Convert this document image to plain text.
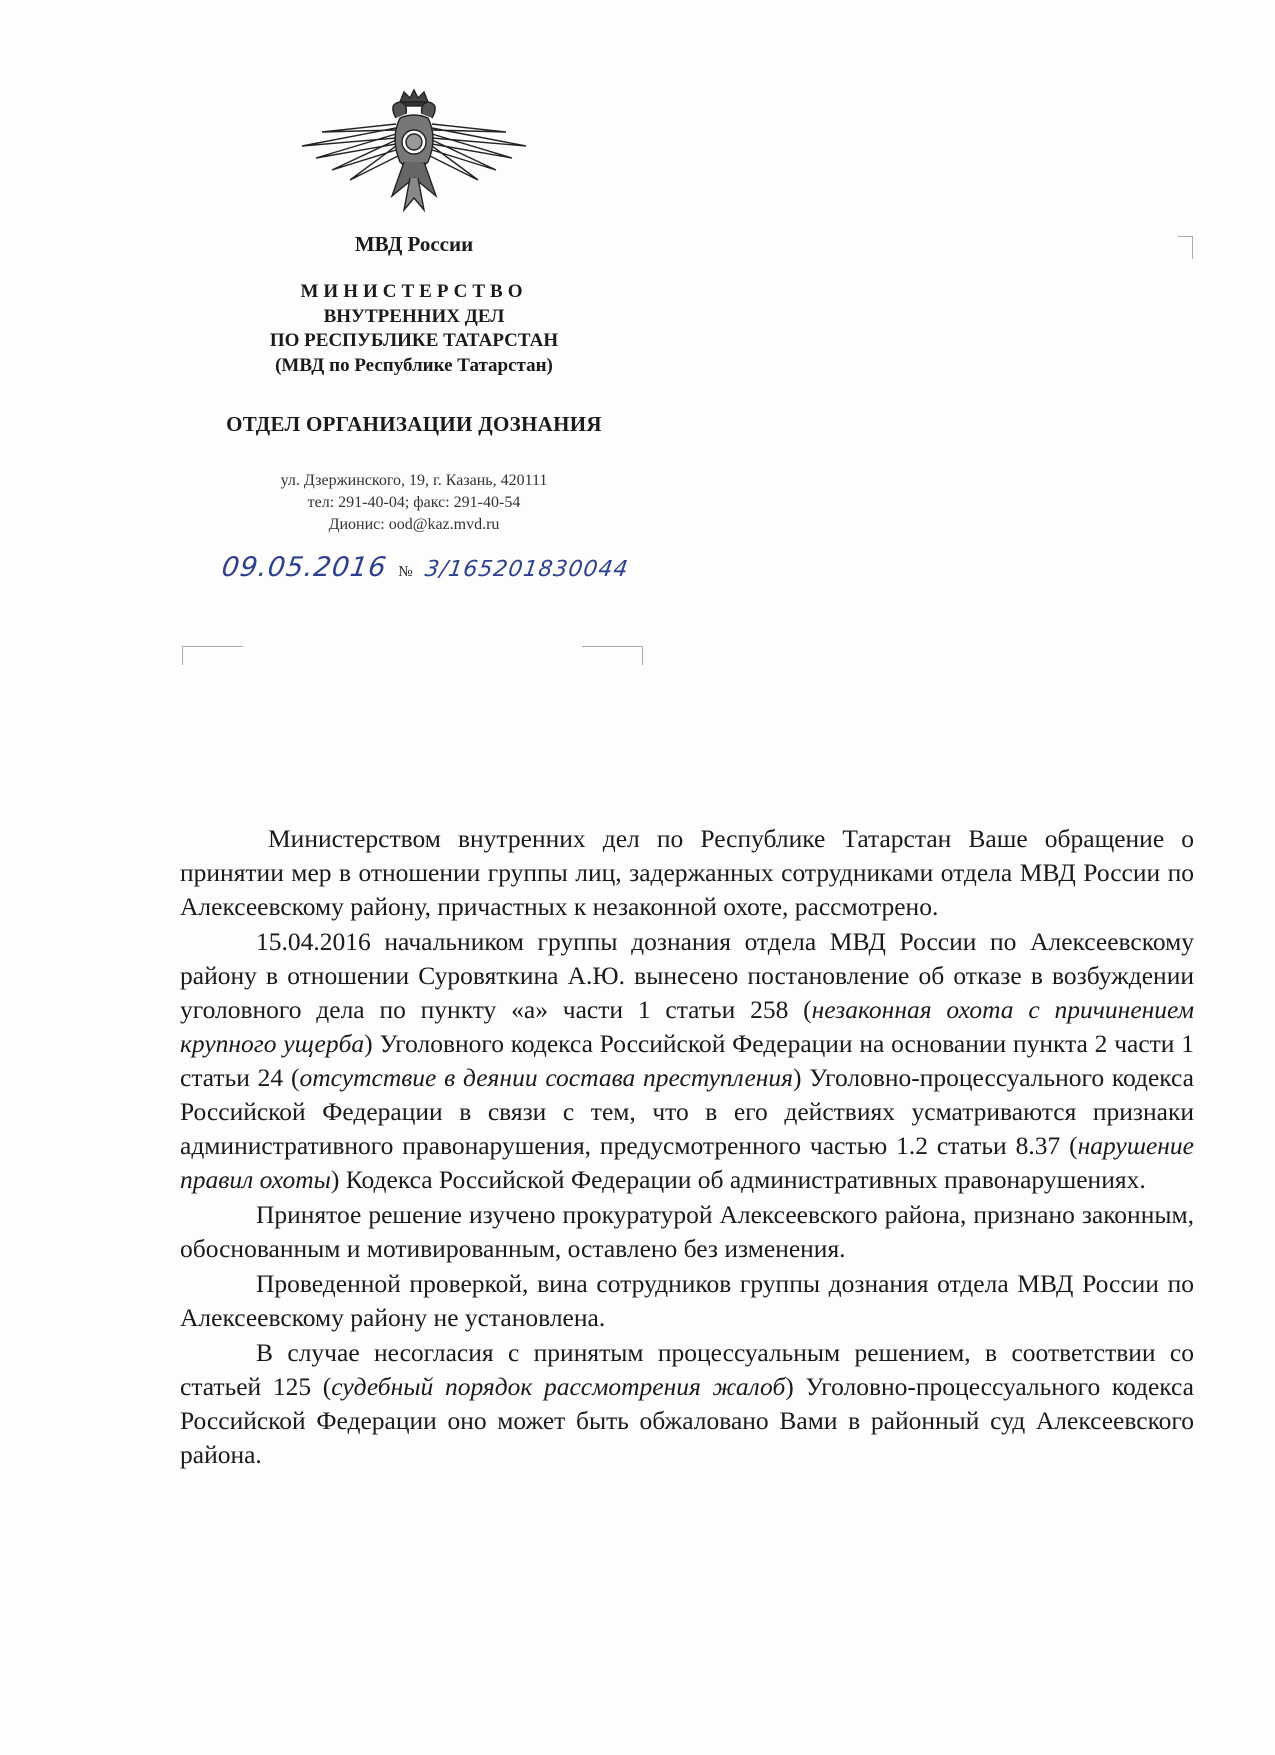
МВД России
МИНИСТЕРСТВО
ВНУТРЕННИХ ДЕЛ
ПО РЕСПУБЛИКЕ ТАТАРСТАН
(МВД по Республике Татарстан)
ОТДЕЛ ОРГАНИЗАЦИИ ДОЗНАНИЯ
ул. Дзержинского, 19, г. Казань, 420111
тел: 291-40-04; факс: 291-40-54
Дионис: ood@kaz.mvd.ru
09.05.2016 № 3/165201830044

Министерством внутренних дел по Республике Татарстан Ваше обращение о принятии мер в отношении группы лиц, задержанных сотрудниками отдела МВД России по Алексеевскому району, причастных к незаконной охоте, рассмотрено.

15.04.2016 начальником группы дознания отдела МВД России по Алексеевскому району в отношении Суровяткина А.Ю. вынесено постановление об отказе в возбуждении уголовного дела по пункту «а» части 1 статьи 258 (незаконная охота с причинением крупного ущерба) Уголовного кодекса Российской Федерации на основании пункта 2 части 1 статьи 24 (отсутствие в деянии состава преступления) Уголовно-процессуального кодекса Российской Федерации в связи с тем, что в его действиях усматриваются признаки административного правонарушения, предусмотренного частью 1.2 статьи 8.37 (нарушение правил охоты) Кодекса Российской Федерации об административных правонарушениях.

Принятое решение изучено прокуратурой Алексеевского района, признано законным, обоснованным и мотивированным, оставлено без изменения.

Проведенной проверкой, вина сотрудников группы дознания отдела МВД России по Алексеевскому району не установлена.

В случае несогласия с принятым процессуальным решением, в соответствии со статьей 125 (судебный порядок рассмотрения жалоб) Уголовно-процессуального кодекса Российской Федерации оно может быть обжаловано Вами в районный суд Алексеевского района.
